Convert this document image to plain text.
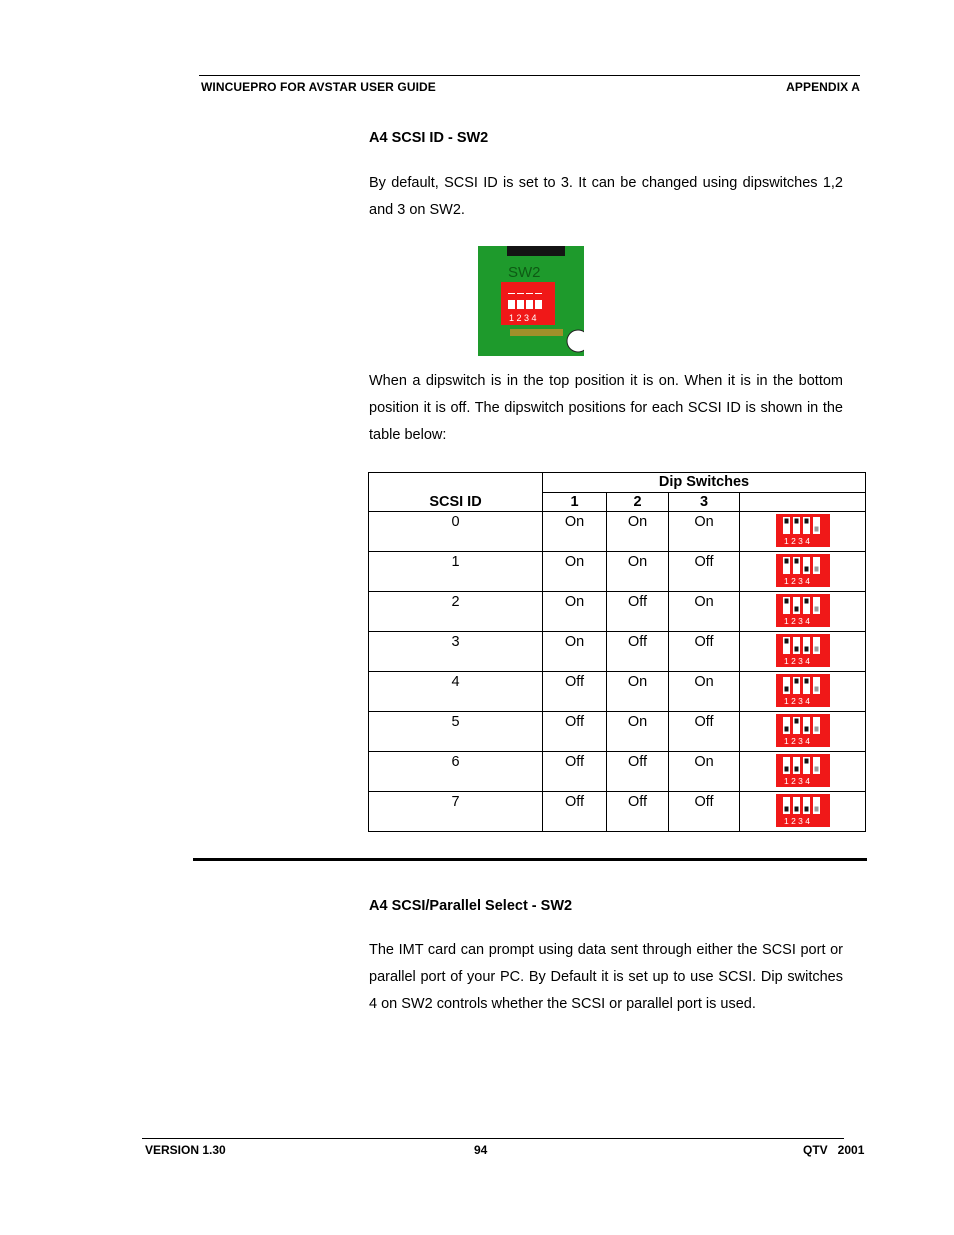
WINCUEPRO FOR AVSTAR USER GUIDE	APPENDIX A
A4 SCSI ID - SW2
By default, SCSI ID is set to 3. It can be changed using dipswitches 1,2 and 3 on SW2.
SW2
1 2 3 4
When a dipswitch is in the top position it is on. When it is in the bottom position it is off. The dipswitch positions for each SCSI ID is shown in the table below:
SCSI ID	Dip Switches			
	1	2	3	
0	On	On	On	1 2 3 4

1	On	On	Off	1 2 3 4

2	On	Off	On	1 2 3 4

3	On	Off	Off	1 2 3 4

4	Off	On	On	1 2 3 4

5	Off	On	Off	1 2 3 4

6	Off	Off	On	1 2 3 4

7	Off	Off	Off	1 2 3 4
A4 SCSI/Parallel Select - SW2
The IMT card can prompt using data sent through either the SCSI port or parallel port of your PC. By Default it is set up to use SCSI. Dip switches 4 on SW2 controls whether the SCSI or parallel port is used.
VERSION 1.30	94	QTV   2001
